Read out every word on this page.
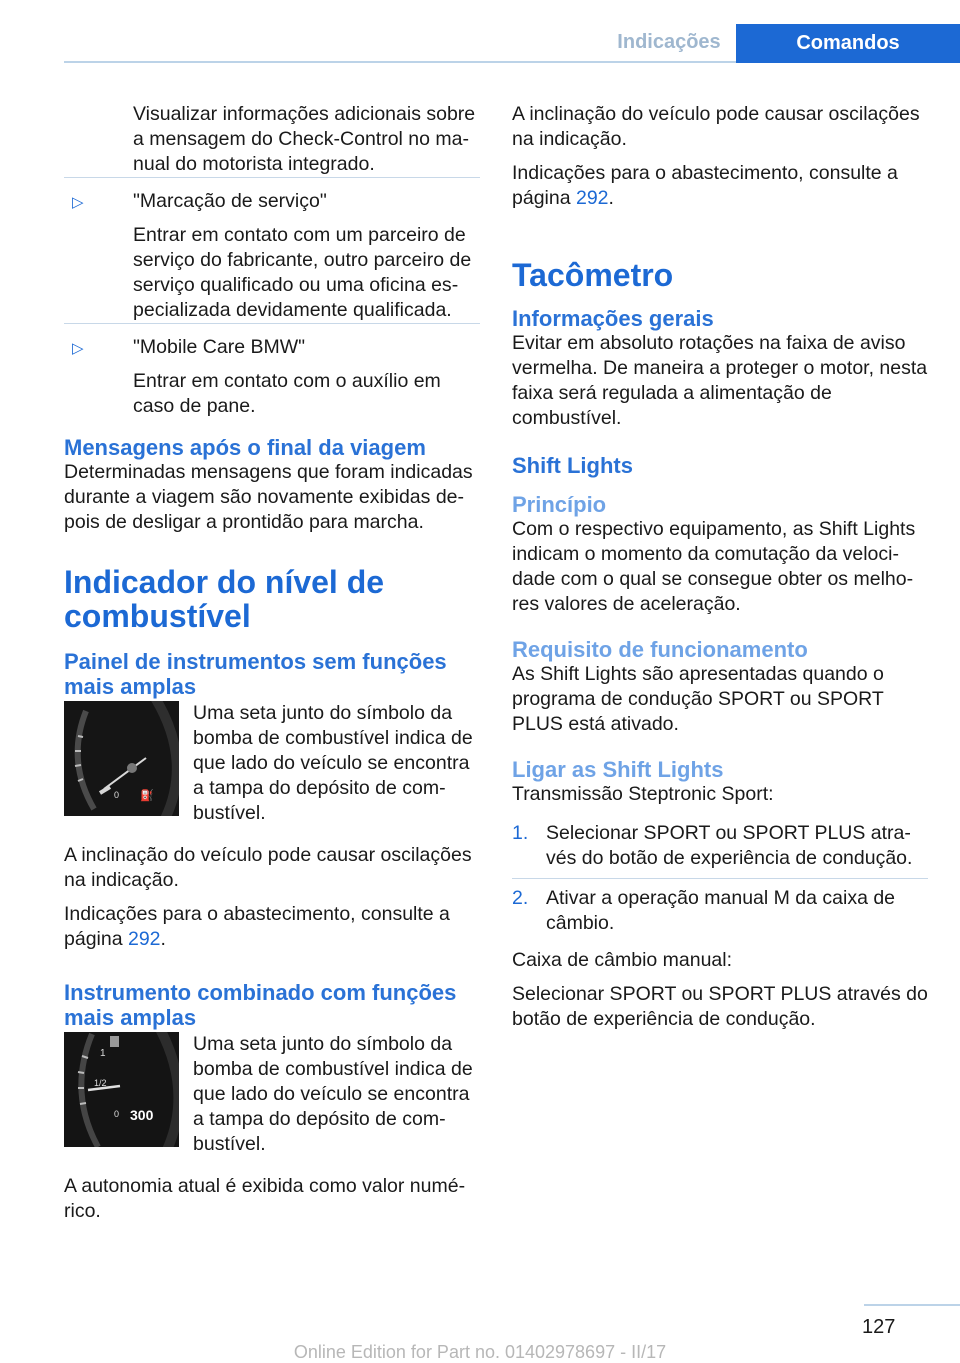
Indicações	Comandos

Visualizar informações adicionais sobre a mensagem do Check-Control no manual do motorista integrado.

▷	"Marcação de serviço"

Entrar em contato com um parceiro de serviço do fabricante, outro parceiro de serviço qualificado ou uma oficina especializada devidamente qualificada.

▷	"Mobile Care BMW"

Entrar em contato com o auxílio em caso de pane.

Mensagens após o final da viagem

Determinadas mensagens que foram indicadas durante a viagem são novamente exibidas depois de desligar a prontidão para marcha.

Indicador do nível de combustível
Painel de instrumentos sem funções mais amplas
0 ⛽

Uma seta junto do símbolo da bomba de combustível indica de que lado do veículo se encontra a tampa do depósito de combustível.

A inclinação do veículo pode causar oscilações na indicação.

Indicações para o abastecimento, consulte a página 292.

Instrumento combinado com funções mais amplas
1
1/2
0 300

Uma seta junto do símbolo da bomba de combustível indica de que lado do veículo se encontra a tampa do depósito de combustível.

A autonomia atual é exibida como valor numérico.

A inclinação do veículo pode causar oscilações na indicação.

Indicações para o abastecimento, consulte a página 292.

Tacômetro
Informações gerais

Evitar em absoluto rotações na faixa de aviso vermelha. De maneira a proteger o motor, nesta faixa será regulada a alimentação de combustível.

Shift Lights
Princípio

Com o respectivo equipamento, as Shift Lights indicam o momento da comutação da velocidade com o qual se consegue obter os melhores valores de aceleração.

Requisito de funcionamento

As Shift Lights são apresentadas quando o programa de condução SPORT ou SPORT PLUS está ativado.

Ligar as Shift Lights

Transmissão Steptronic Sport:

1. Selecionar SPORT ou SPORT PLUS através do botão de experiência de condução.
2. Ativar a operação manual M da caixa de câmbio.

Caixa de câmbio manual:

Selecionar SPORT ou SPORT PLUS através do botão de experiência de condução.

127
Online Edition for Part no. 01402978697 - II/17
